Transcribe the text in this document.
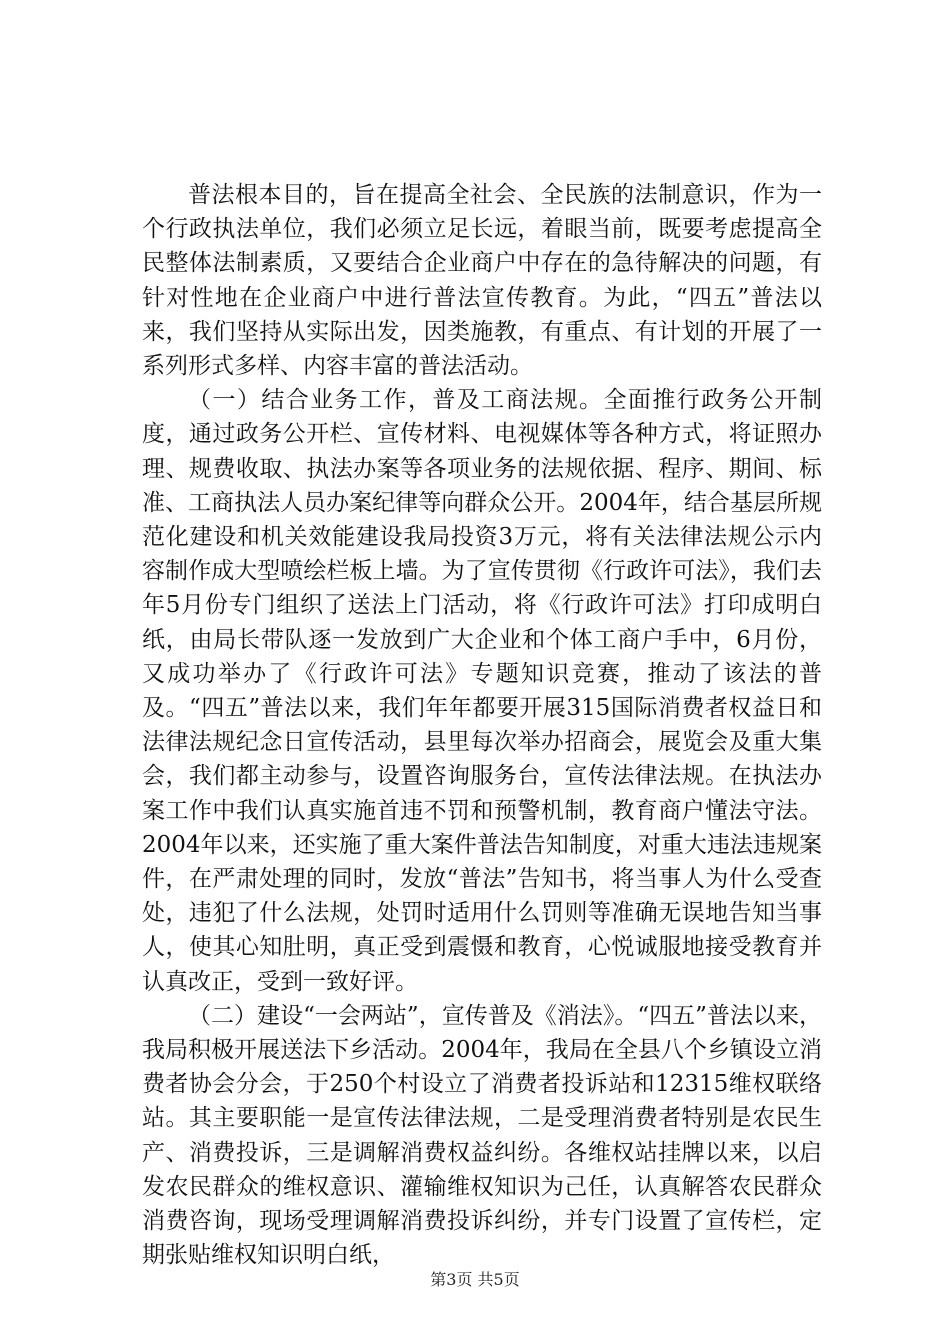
普法根本目的，旨在提高全社会、全民族的法制意识，作为一个行政执法单位，我们必须立足长远，着眼当前，既要考虑提高全民整体法制素质，又要结合企业商户中存在的急待解决的问题，有针对性地在企业商户中进行普法宣传教育。为此，“四五”普法以来，我们坚持从实际出发，因类施教，有重点、有计划的开展了一系列形式多样、内容丰富的普法活动。

（一）结合业务工作，普及工商法规。全面推行政务公开制度，通过政务公开栏、宣传材料、电视媒体等各种方式，将证照办理、规费收取、执法办案等各项业务的法规依据、程序、期间、标准、工商执法人员办案纪律等向群众公开。2004年，结合基层所规范化建设和机关效能建设我局投资3万元，将有关法律法规公示内容制作成大型喷绘栏板上墙。为了宣传贯彻《行政许可法》，我们去年5月份专门组织了送法上门活动，将《行政许可法》打印成明白纸，由局长带队逐一发放到广大企业和个体工商户手中，6月份，又成功举办了《行政许可法》专题知识竞赛，推动了该法的普及。“四五”普法以来，我们年年都要开展315国际消费者权益日和法律法规纪念日宣传活动，县里每次举办招商会，展览会及重大集会，我们都主动参与，设置咨询服务台，宣传法律法规。在执法办案工作中我们认真实施首违不罚和预警机制，教育商户懂法守法。2004年以来，还实施了重大案件普法告知制度，对重大违法违规案件，在严肃处理的同时，发放“普法”告知书，将当事人为什么受查处，违犯了什么法规，处罚时适用什么罚则等准确无误地告知当事人，使其心知肚明，真正受到震慑和教育，心悦诚服地接受教育并认真改正，受到一致好评。

（二）建设“一会两站”，宣传普及《消法》。“四五”普法以来，我局积极开展送法下乡活动。2004年，我局在全县八个乡镇设立消费者协会分会，于250个村设立了消费者投诉站和12315维权联络站。其主要职能一是宣传法律法规，二是受理消费者特别是农民生产、消费投诉，三是调解消费权益纠纷。各维权站挂牌以来，以启发农民群众的维权意识、灌输维权知识为己任，认真解答农民群众消费咨询，现场受理调解消费投诉纠纷，并专门设置了宣传栏，定期张贴维权知识明白纸，

第3页 共5页
